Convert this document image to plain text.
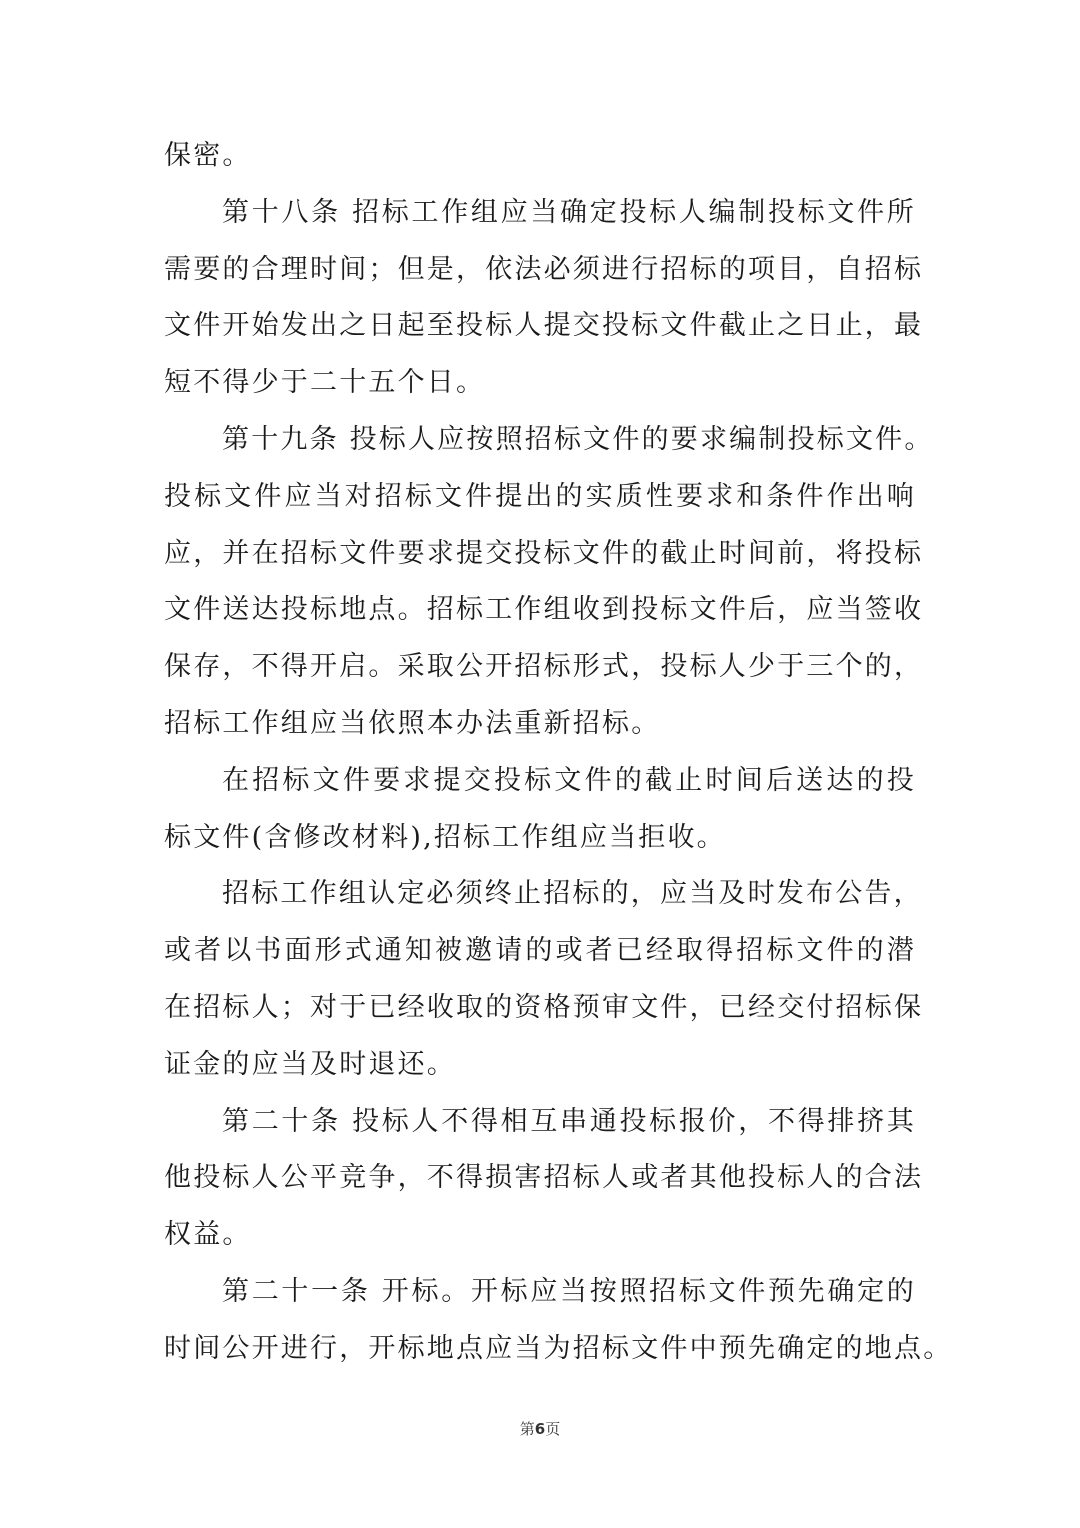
保密。
第十八条 招标工作组应当确定投标人编制投标文件所
需要的合理时间；但是，依法必须进行招标的项目，自招标
文件开始发出之日起至投标人提交投标文件截止之日止，最
短不得少于二十五个日。
第十九条 投标人应按照招标文件的要求编制投标文件。
投标文件应当对招标文件提出的实质性要求和条件作出响
应，并在招标文件要求提交投标文件的截止时间前，将投标
文件送达投标地点。招标工作组收到投标文件后，应当签收
保存，不得开启。采取公开招标形式，投标人少于三个的，
招标工作组应当依照本办法重新招标。
在招标文件要求提交投标文件的截止时间后送达的投
标文件(含修改材料),招标工作组应当拒收。
招标工作组认定必须终止招标的，应当及时发布公告，
或者以书面形式通知被邀请的或者已经取得招标文件的潜
在招标人；对于已经收取的资格预审文件，已经交付招标保
证金的应当及时退还。
第二十条 投标人不得相互串通投标报价，不得排挤其
他投标人公平竞争，不得损害招标人或者其他投标人的合法
权益。
第二十一条 开标。开标应当按照招标文件预先确定的
时间公开进行，开标地点应当为招标文件中预先确定的地点。
第6页
